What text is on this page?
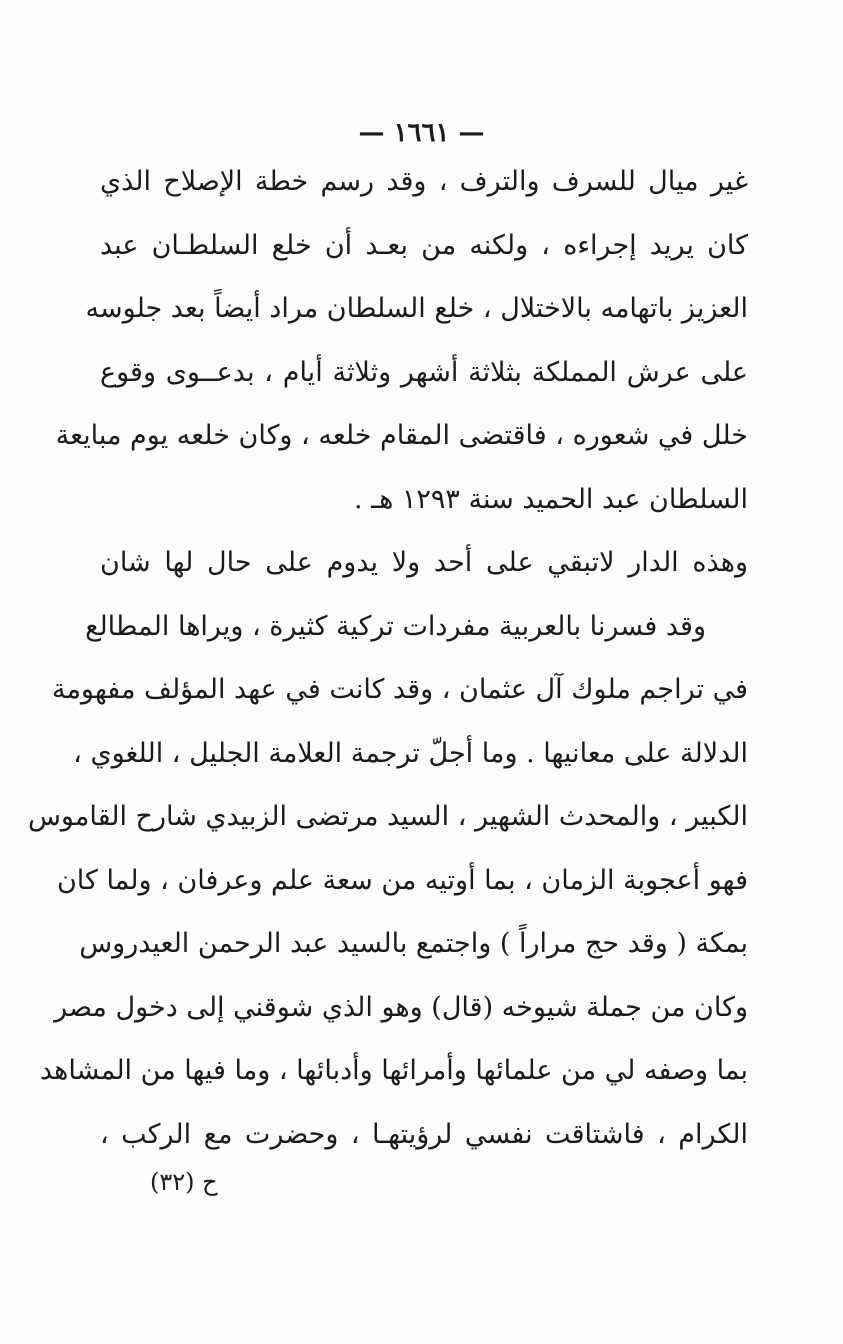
— ١٦٦١ —
غير ميال للسرف والترف ، وقد رسم خطة الإصلاح الذي
كان يريد إجراءه ، ولكنه من بعـد أن خلع السلطـان عبد
العزيز باتهامه بالاختلال ، خلع السلطان مراد أيضاً بعد جلوسه
على عرش المملكة بثلاثة أشهر وثلاثة أيام ، بدعــوى وقوع
خلل في شعوره ، فاقتضى المقام خلعه ، وكان خلعه يوم مبايعة
السلطان عبد الحميد سنة ١٢٩٣ هـ .
وهذه الدار لاتبقي على أحد ولا يدوم على حال لها شان
وقد فسرنا بالعربية مفردات تركية كثيرة ، ويراها المطالع
في تراجم ملوك آل عثمان ، وقد كانت في عهد المؤلف مفهومة
الدلالة على معانيها . وما أجلّ ترجمة العلامة الجليل ، اللغوي ،
الكبير ، والمحدث الشهير ، السيد مرتضى الزبيدي شارح القاموس
فهو أعجوبة الزمان ، بما أوتيه من سعة علم وعرفان ، ولما كان
بمكة ( وقد حج مراراً ) واجتمع بالسيد عبد الرحمن العيدروس
وكان من جملة شيوخه (قال) وهو الذي شوقني إلى دخول مصر
بما وصفه لي من علمائها وأمرائها وأدبائها ، وما فيها من المشاهد
الكرام ، فاشتاقت نفسي لرؤيتهـا ، وحضرت مع الركب ،
ح (٣٢)
